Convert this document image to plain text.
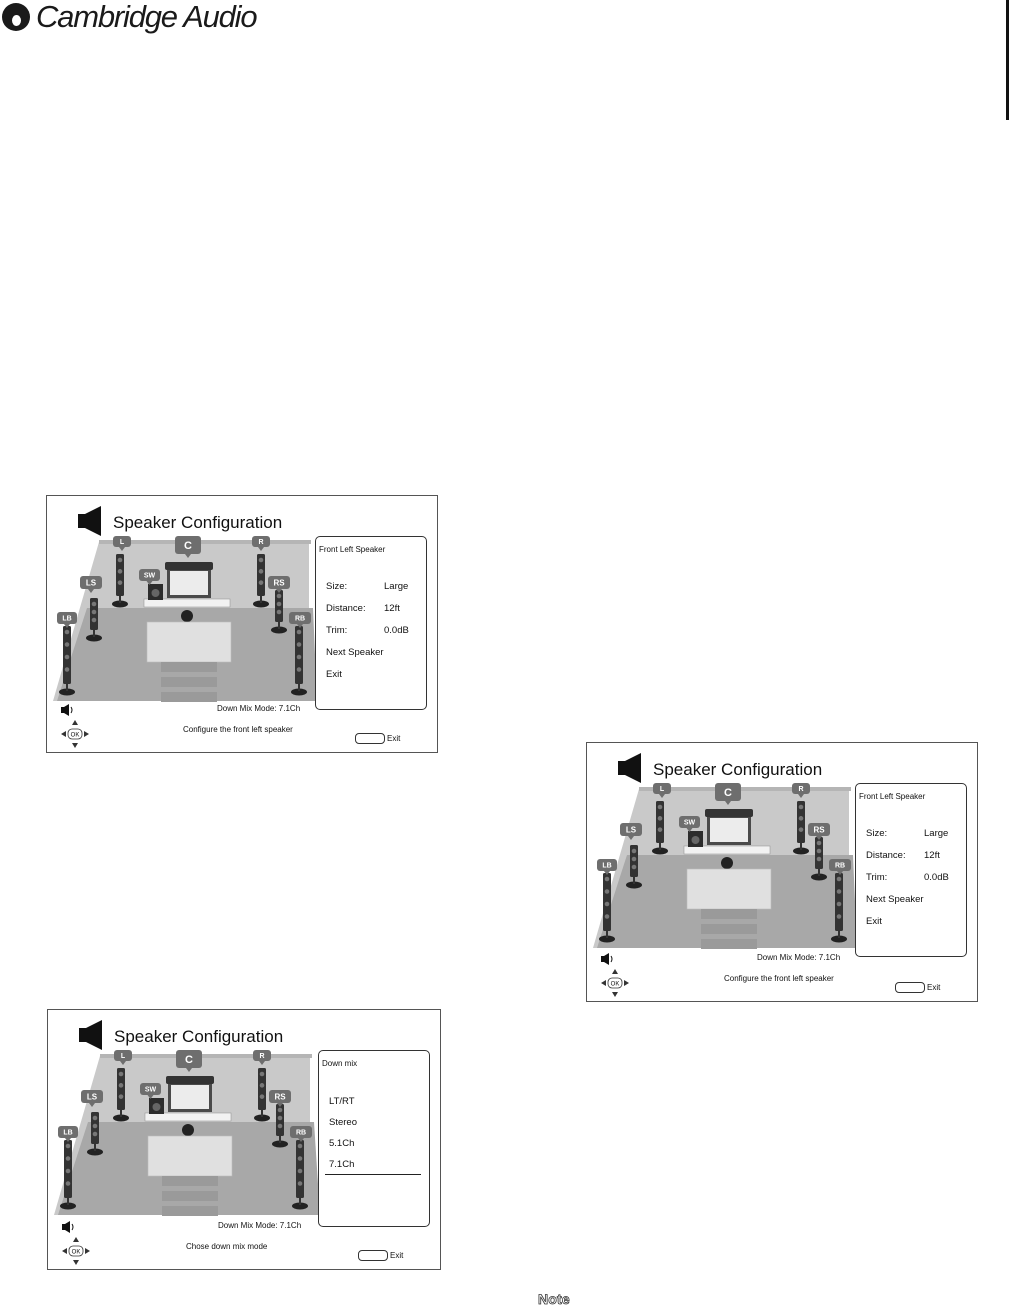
Cambridge Audio
L	C	R
SW
LS	RS
LB	RB
Speaker Configuration
Front Left Speaker
Size:	Large
Distance: 12ft
Trim:	0.0dB
Next Speaker
Exit
Down Mix Mode: 7.1Ch
OK
Configure the front left speaker
Exit
L	C	R
SW
LS	RS
LB	RB
Speaker Configuration
Down mix
LT/RT
Stereo
5.1Ch
7.1Ch
Down Mix Mode: 7.1Ch
OK
Chose down mix mode
Exit
L	C	R
SW
LS	RS
LB	RB
Speaker Configuration
Front Left Speaker
Size:	Large
Distance: 12ft
Trim:	0.0dB
Next Speaker
Exit
Down Mix Mode: 7.1Ch
OK
Configure the front left speaker
Exit
Note
